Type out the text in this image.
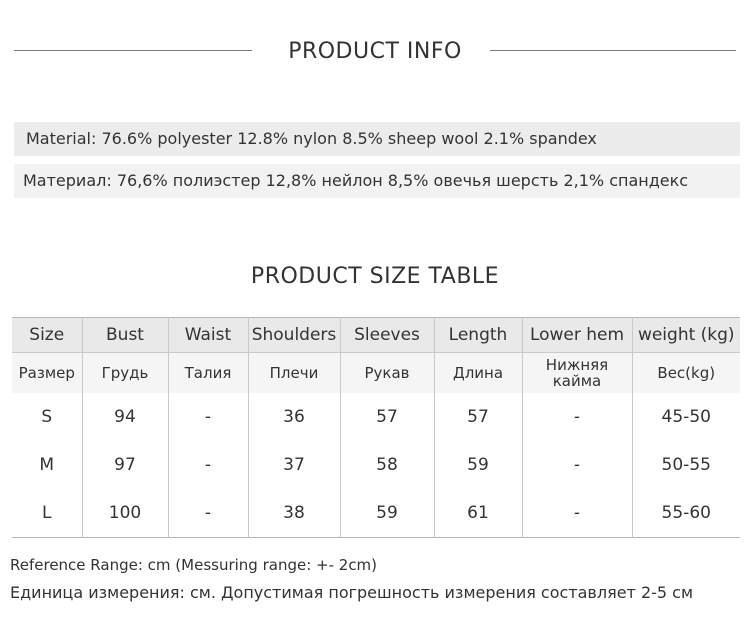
PRODUCT INFO
Material: 76.6% polyester 12.8% nylon 8.5% sheep wool 2.1% spandex
Материал: 76,6% полиэстер 12,8% нейлон 8,5% овечья шерсть 2,1% спандекс
PRODUCT SIZE TABLE
Size	Bust	Waist	Shoulders	Sleeves	Length	Lower hem	weight (kg)
Размер	Грудь	Талия	Плечи	Рукав	Длина	Нижняя кайма	Вес(kg)
S	94	-	36	57	57	-	45-50
M	97	-	37	58	59	-	50-55
L	100	-	38	59	61	-	55-60
Reference Range: cm (Messuring range: +- 2cm)
Единица измерения: см. Допустимая погрешность измерения составляет 2-5 см
